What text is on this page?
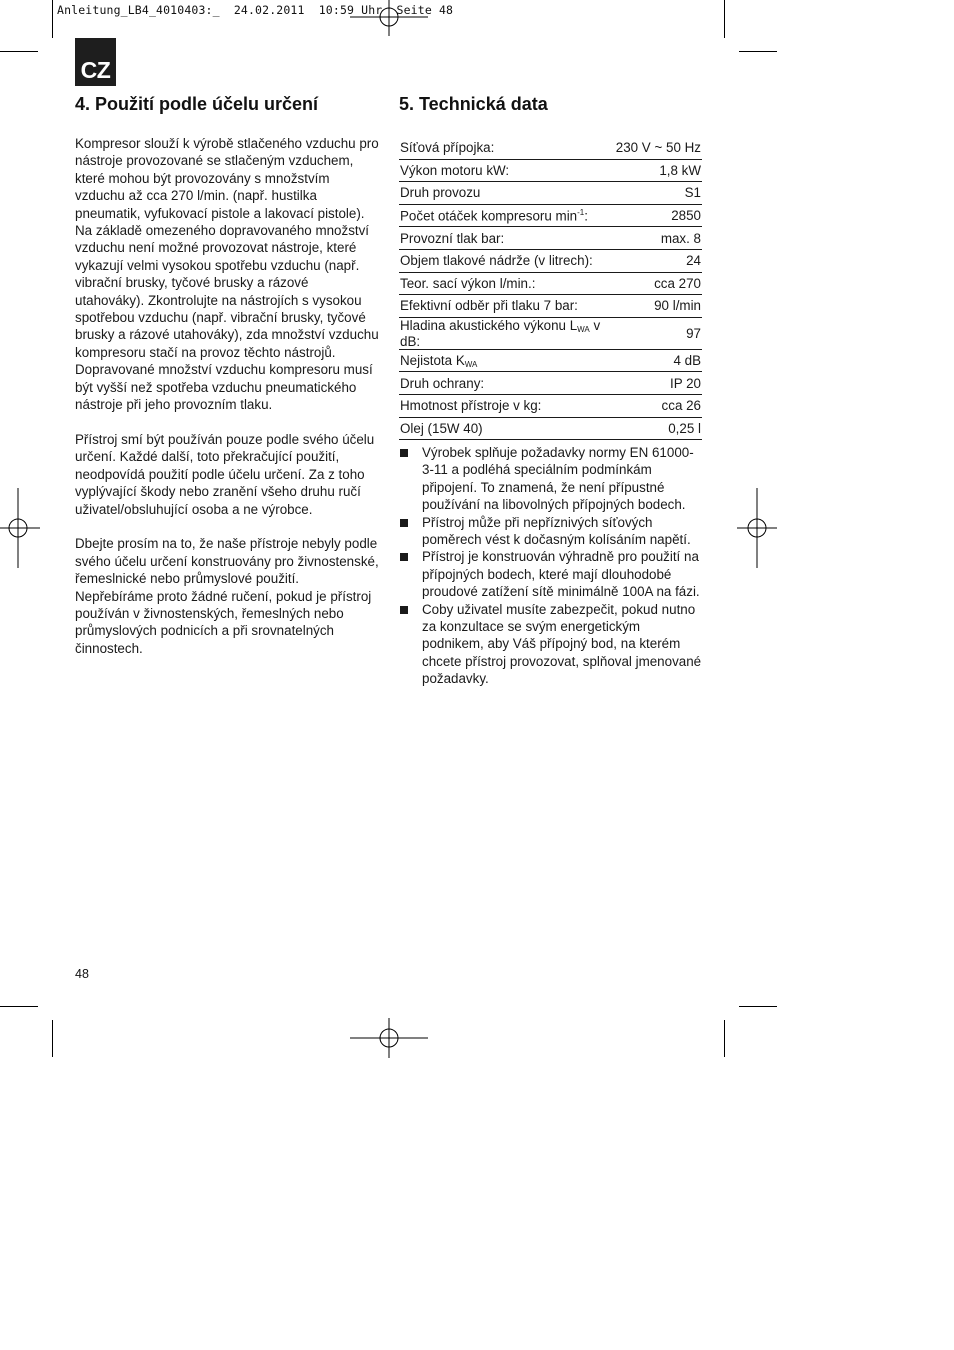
Anleitung_LB4_4010403:_  24.02.2011  10:59 Uhr  Seite 48
CZ
4. Použití podle účelu určení	5. Technická data

Kompresor slouží k výrobě stlačeného vzduchu pro nástroje provozované se stlačeným vzduchem, které mohou být provozovány s množstvím vzduchu až cca 270 l/min. (např. hustilka pneumatik, vyfukovací pistole a lakovací pistole). Na základě omezeného dopravovaného množství vzduchu není možné provozovat nástroje, které vykazují velmi vysokou spotřebu vzduchu (např. vibrační brusky, tyčové brusky a rázové utahováky). Zkontrolujte na nástrojích s vysokou spotřebou vzduchu (např. vibrační brusky, tyčové brusky a rázové utahováky), zda množství vzduchu kompresoru stačí na provoz těchto nástrojů. Dopravované množství vzduchu kompresoru musí být vyšší než spotřeba vzduchu pneumatického nástroje při jeho provozním tlaku.

Přístroj smí být používán pouze podle svého účelu určení. Každé další, toto překračující použití, neodpovídá použití podle účelu určení. Za z toho vyplývající škody nebo zranění všeho druhu ručí uživatel/obsluhující osoba a ne výrobce.

Dbejte prosím na to, že naše přístroje nebyly podle svého účelu určení konstruovány pro živnostenské, řemeslnické nebo průmyslové použití. Nepřebíráme proto žádné ručení, pokud je přístroj používán v živnostenských, řemeslných nebo průmyslových podnicích a při srovnatelných činnostech.

Síťová přípojka:	230 V ~ 50 Hz
Výkon motoru kW:	1,8 kW
Druh provozu	S1
Počet otáček kompresoru $\min^{-1}$:	2850
Provozní tlak bar:	max. 8
Objem tlakové nádrže (v litrech):	24
Teor. sací výkon l/min.:	cca 270
Efektivní odběr při tlaku 7 bar:	90 l/min
Hladina akustického výkonu $L_{WA}$ v dB:	97
Nejistota $K_{WA}$	4 dB
Druh ochrany:	IP 20
Hmotnost přístroje v kg:	cca 26
Olej (15W 40)	0,25 l
Výrobek splňuje požadavky normy EN 61000-3-11 a podléhá speciálním podmínkám připojení. To znamená, že není přípustné používání na libovolných přípojných bodech.
Přístroj může při nepříznivých síťových poměrech vést k dočasným kolísáním napětí.
Přístroj je konstruován výhradně pro použití na přípojných bodech, které mají dlouhodobé proudové zatížení sítě minimálně 100A na fázi.
Coby uživatel musíte zabezpečit, pokud nutno za konzultace se svým energetickým podnikem, aby Váš přípojný bod, na kterém chcete přístroj provozovat, splňoval jmenované požadavky.
48
